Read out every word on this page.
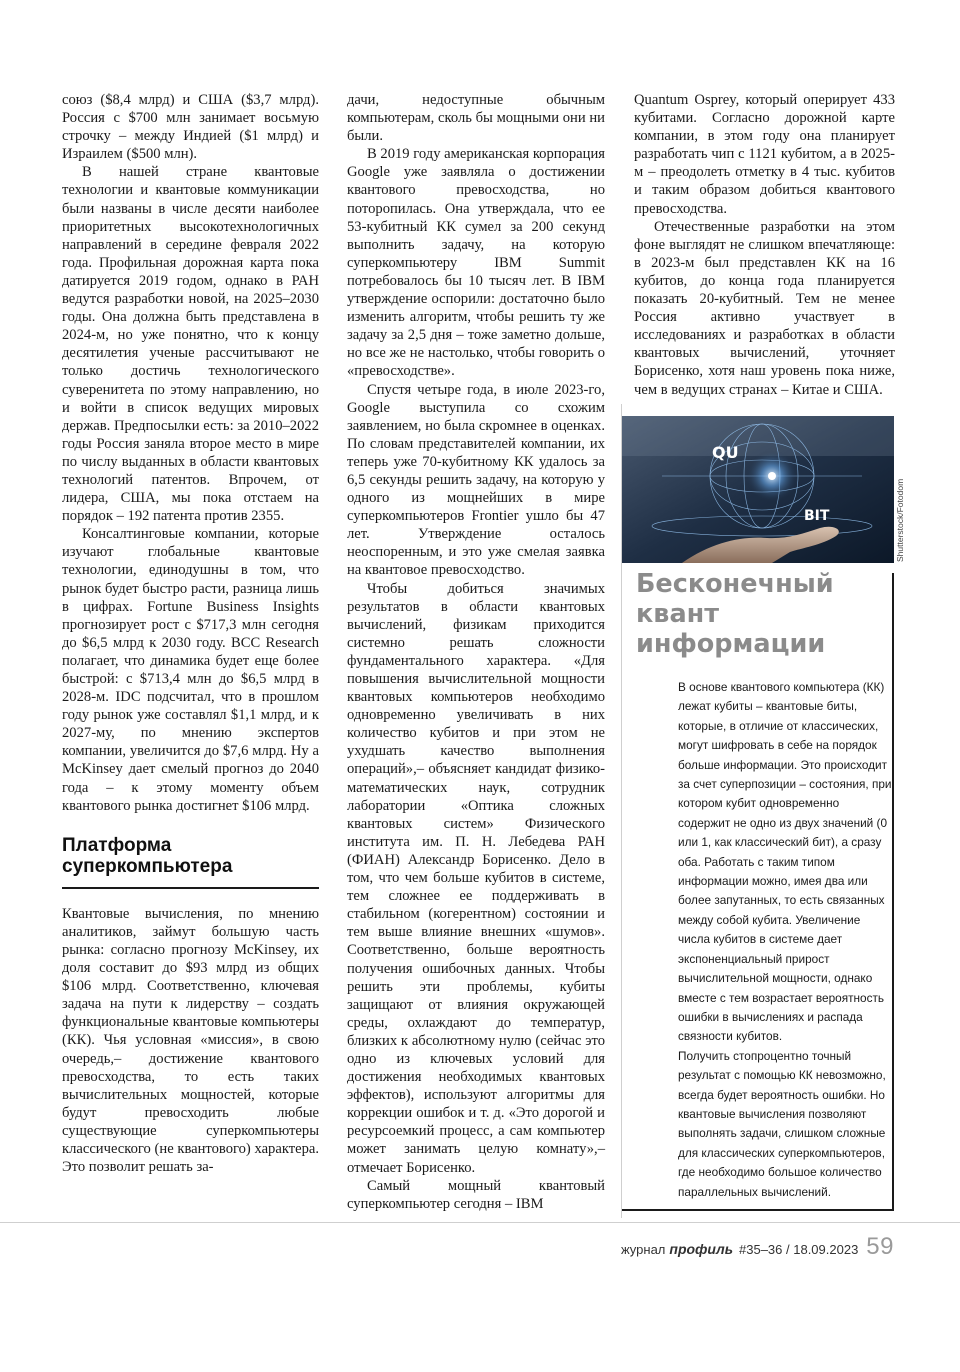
союз ($8,4 млрд) и США ($3,7 млрд). Россия с $700 млн занимает восьмую строчку – между Индией ($1 млрд) и Израилем ($500 млн).

В нашей стране квантовые технологии и квантовые коммуникации были названы в числе десяти наиболее приоритетных высокотехнологичных направлений в середине февраля 2022 года. Профильная дорожная карта пока датируется 2019 годом, однако в РАН ведутся разработки новой, на 2025–2030 годы. Она должна быть представлена в 2024-м, но уже понятно, что к концу десятилетия ученые рассчитывают не только достичь технологического суверенитета по этому направлению, но и войти в список ведущих мировых держав. Предпосылки есть: за 2010–2022 годы Россия заняла второе место в мире по числу выданных в области квантовых технологий патентов. Впрочем, от лидера, США, мы пока отстаем на порядок – 192 патента против 2355.

Консалтинговые компании, которые изучают глобальные квантовые технологии, единодушны в том, что рынок будет быстро расти, разница лишь в цифрах. Fortune Business Insights прогнозирует рост с $717,3 млн сегодня до $6,5 млрд к 2030 году. BCC Research полагает, что динамика будет еще более быстрой: с $713,4 млн до $6,5 млрд в 2028-м. IDC подсчитал, что в прошлом году рынок уже составлял $1,1 млрд, и к 2027-му, по мнению экспертов компании, увеличится до $7,6 млрд. Ну а McKinsey дает смелый прогноз до 2040 года – к этому моменту объем квантового рынка достигнет $106 млрд.

Платформа суперкомпьютера

Квантовые вычисления, по мнению аналитиков, займут большую часть рынка: согласно прогнозу McKinsey, их доля составит до $93 млрд из общих $106 млрд. Соответственно, ключевая задача на пути к лидерству – создать функциональные квантовые компьютеры (КК). Чья условная «миссия», в свою очередь,– достижение квантового превосходства, то есть таких вычислительных мощностей, которые будут превосходить любые существующие суперкомпьютеры классического (не квантового) характера. Это позволит решать за-

дачи, недоступные обычным компьютерам, сколь бы мощными они ни были.

В 2019 году американская корпорация Google уже заявляла о достижении квантового превосходства, но поторопилась. Она утверждала, что ее 53-кубитный КК сумел за 200 секунд выполнить задачу, на которую суперкомпьютеру IBM Summit потребовалось бы 10 тысяч лет. В IBM утверждение оспорили: достаточно было изменить алгоритм, чтобы решить ту же задачу за 2,5 дня – тоже заметно дольше, но все же не настолько, чтобы говорить о «превосходстве».

Спустя четыре года, в июле 2023-го, Google выступила со схожим заявлением, но была скромнее в оценках. По словам представителей компании, их теперь уже 70-кубитному КК удалось за 6,5 секунды решить задачу, на которую у одного из мощнейших в мире суперкомпьютеров Frontier ушло бы 47 лет. Утверждение осталось неоспоренным, и это уже смелая заявка на квантовое превосходство.

Чтобы добиться значимых результатов в области квантовых вычислений, физикам приходится системно решать сложности фундаментального характера. «Для повышения вычислительной мощности квантовых компьютеров необходимо одновременно увеличивать в них количество кубитов и при этом не ухудшать качество выполнения операций»,– объясняет кандидат физико-математических наук, сотрудник лаборатории «Оптика сложных квантовых систем» Физического института им. П. Н. Лебедева РАН (ФИАН) Александр Борисенко. Дело в том, что чем больше кубитов в системе, тем сложнее ее поддерживать в стабильном (когерентном) состоянии и тем выше влияние внешних «шумов». Соответственно, больше вероятность получения ошибочных данных. Чтобы решить эти проблемы, кубиты защищают от влияния окружающей среды, охлаждают до температур, близких к абсолютному нулю (сейчас это одно из ключевых условий для достижения необходимых квантовых эффектов), используют алгоритмы для коррекции ошибок и т. д. «Это дорогой и ресурсоемкий процесс, а сам компьютер может занимать целую комнату»,– отмечает Борисенко.

Самый мощный квантовый суперкомпьютер сегодня – IBM

Quantum Osprey, который оперирует 433 кубитами. Согласно дорожной карте компании, в этом году она планирует разработать чип с 1121 кубитом, а в 2025-м – преодолеть отметку в 4 тыс. кубитов и таким образом добиться квантового превосходства.

Отечественные разработки на этом фоне выглядят не слишком впечатляюще: в 2023-м был представлен КК на 16 кубитов, до конца года планируется показать 20-кубитный. Тем не менее Россия активно участвует в исследованиях и разработках в области квантовых вычислений, уточняет Борисенко, хотя наш уровень пока ниже, чем в ведущих странах – Китае и США.

QU
BIT	Shutterstock/Fotodom
Бесконечный квант информации

В основе квантового компьютера (КК) лежат кубиты – квантовые биты, которые, в отличие от классических, могут шифровать в себе на порядок больше информации. Это происходит за счет суперпозиции – состояния, при котором кубит одновременно содержит не одно из двух значений (0 или 1, как классический бит), а сразу оба. Работать с таким типом информации можно, имея два или более запутанных, то есть связанных между собой кубита. Увеличение числа кубитов в системе дает экспоненциальный прирост вычислительной мощности, однако вместе с тем возрастает вероятность ошибки в вычислениях и распада связности кубитов.

Получить стопроцентно точный результат с помощью КК невозможно, всегда будет вероятность ошибки. Но квантовые вычисления позволяют выполнять задачи, слишком сложные для классических суперкомпьютеров, где необходимо большое количество параллельных вычислений.

журнал профиль #35–36 / 18.09.2023 59
